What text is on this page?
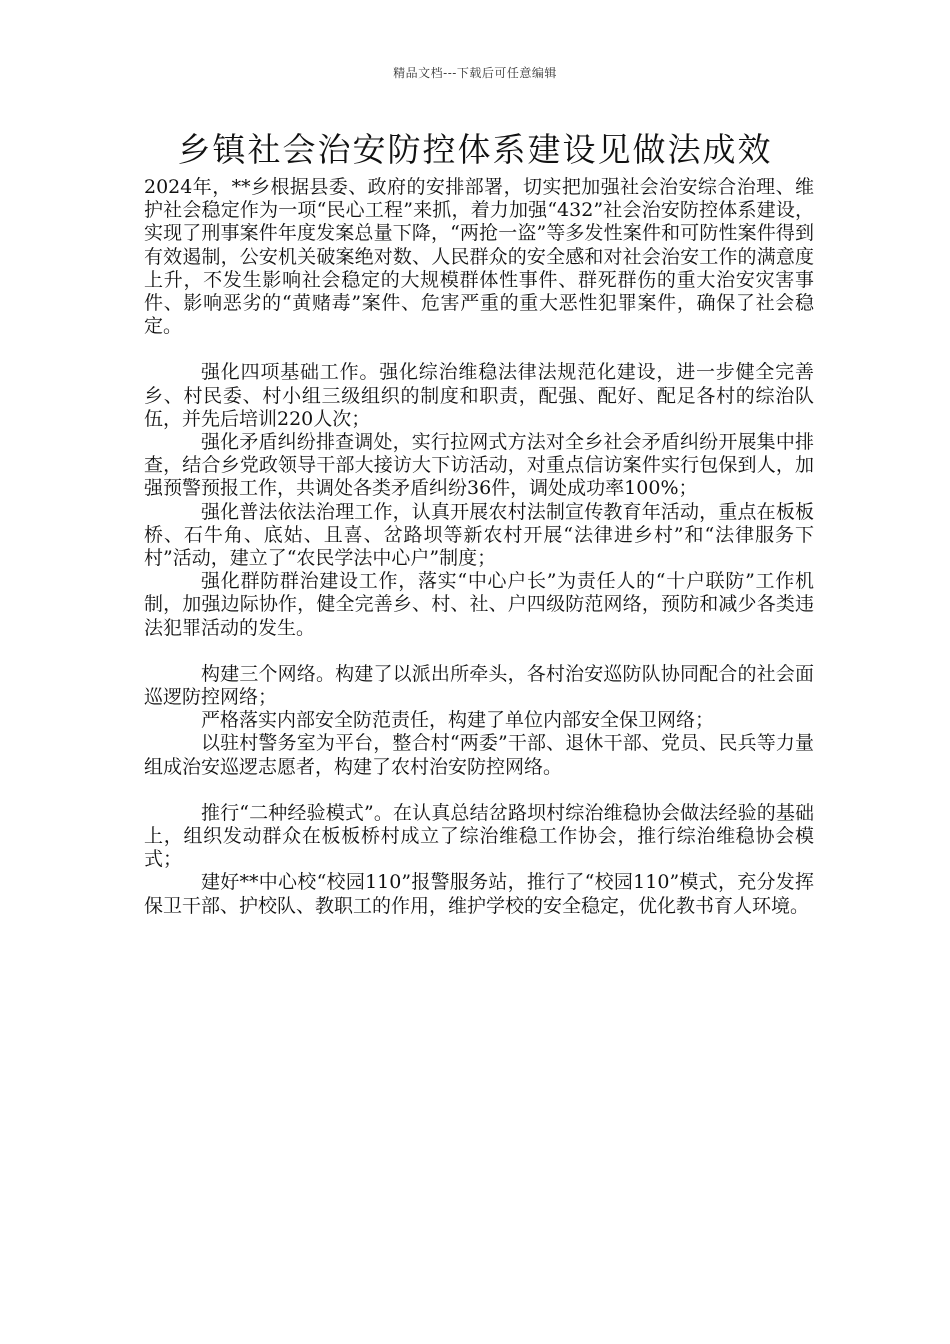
精品文档---下载后可任意编辑
乡镇社会治安防控体系建设见做法成效

2024年，**乡根据县委、政府的安排部署，切实把加强社会治安综合治理、维护社会稳定作为一项“民心工程”来抓，着力加强“432”社会治安防控体系建设，实现了刑事案件年度发案总量下降，“两抢一盗”等多发性案件和可防性案件得到有效遏制，公安机关破案绝对数、人民群众的安全感和对社会治安工作的满意度上升，不发生影响社会稳定的大规模群体性事件、群死群伤的重大治安灾害事件、影响恶劣的“黄赌毒”案件、危害严重的重大恶性犯罪案件，确保了社会稳定。

强化四项基础工作。强化综治维稳法律法规范化建设，进一步健全完善乡、村民委、村小组三级组织的制度和职责，配强、配好、配足各村的综治队伍，并先后培训220人次；

强化矛盾纠纷排查调处，实行拉网式方法对全乡社会矛盾纠纷开展集中排查，结合乡党政领导干部大接访大下访活动，对重点信访案件实行包保到人，加强预警预报工作，共调处各类矛盾纠纷36件，调处成功率100%；

强化普法依法治理工作，认真开展农村法制宣传教育年活动，重点在板板桥、石牛角、底姑、且喜、岔路坝等新农村开展“法律进乡村”和“法律服务下村”活动，建立了“农民学法中心户”制度；

强化群防群治建设工作，落实“中心户长”为责任人的“十户联防”工作机制，加强边际协作，健全完善乡、村、社、户四级防范网络，预防和减少各类违法犯罪活动的发生。

构建三个网络。构建了以派出所牵头，各村治安巡防队协同配合的社会面巡逻防控网络；

严格落实内部安全防范责任，构建了单位内部安全保卫网络；

以驻村警务室为平台，整合村“两委”干部、退休干部、党员、民兵等力量组成治安巡逻志愿者，构建了农村治安防控网络。

推行“二种经验模式”。在认真总结岔路坝村综治维稳协会做法经验的基础上，组织发动群众在板板桥村成立了综治维稳工作协会，推行综治维稳协会模式；

建好**中心校“校园110”报警服务站，推行了“校园110”模式，充分发挥保卫干部、护校队、教职工的作用，维护学校的安全稳定，优化教书育人环境。
